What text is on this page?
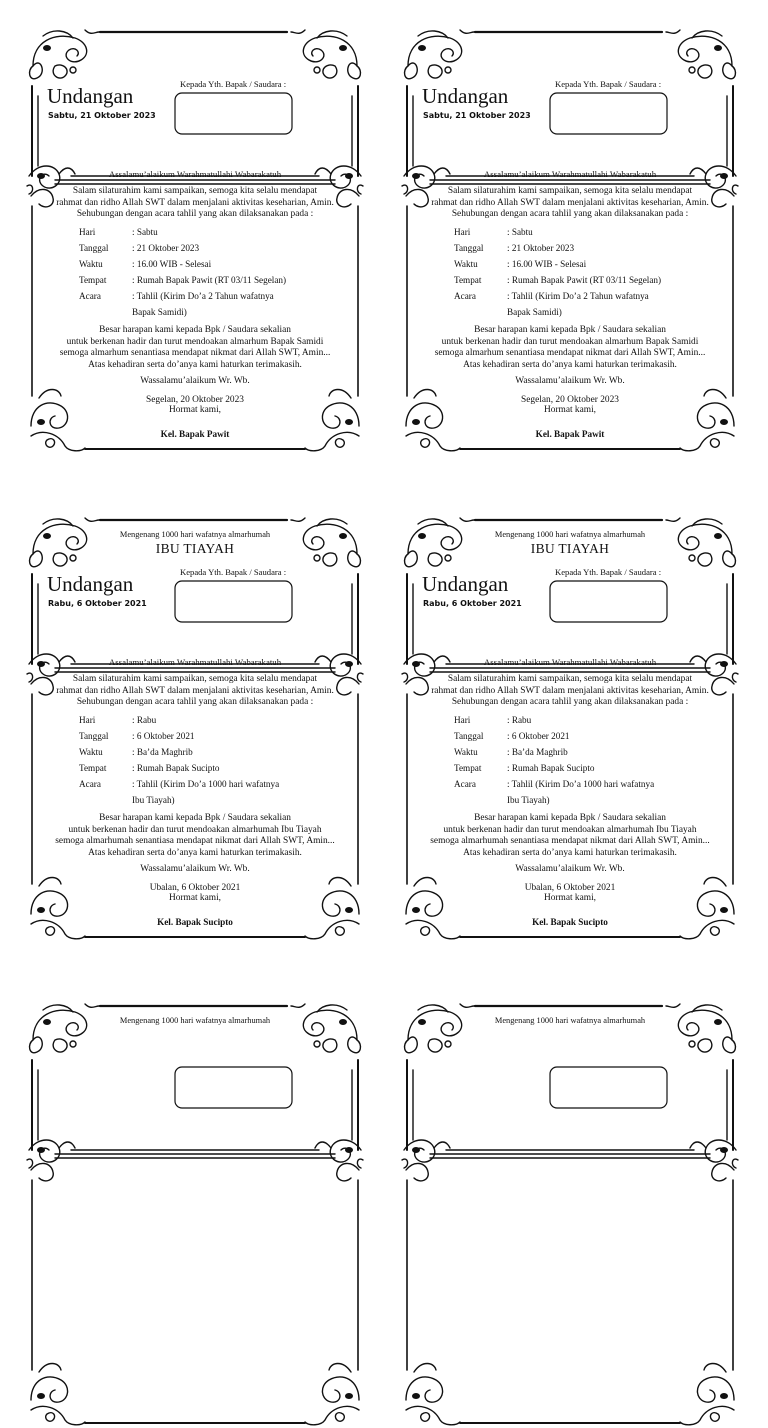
Undangan
Sabtu, 21 Oktober 2023
Kepada Yth. Bapak / Saudara :
Assalamu’alaikum Warahmatullahi Wabarakatuh
Salam silaturahim kami sampaikan, semoga kita selalu mendapat
rahmat dan ridho Allah SWT dalam menjalani aktivitas keseharian, Amin.
Sehubungan dengan acara tahlil yang akan dilaksanakan pada :
Hari	: Sabtu
Tanggal	: 21 Oktober 2023
Waktu	: 16.00 WIB - Selesai
Tempat	: Rumah Bapak Pawit (RT 03/11 Segelan)
Acara	: Tahlil (Kirim Do’a 2 Tahun wafatnya
Bapak Samidi)
Besar harapan kami kepada Bpk / Saudara sekalian
untuk berkenan hadir dan turut mendoakan almarhum Bapak Samidi
semoga almarhum senantiasa mendapat nikmat dari Allah SWT, Amin...
Atas kehadiran serta do’anya kami haturkan terimakasih.
Wassalamu’alaikum Wr. Wb.
Segelan, 20 Oktober 2023
Hormat kami,
Kel. Bapak Pawit
Undangan
Sabtu, 21 Oktober 2023
Kepada Yth. Bapak / Saudara :
Assalamu’alaikum Warahmatullahi Wabarakatuh
Salam silaturahim kami sampaikan, semoga kita selalu mendapat
rahmat dan ridho Allah SWT dalam menjalani aktivitas keseharian, Amin.
Sehubungan dengan acara tahlil yang akan dilaksanakan pada :
Hari	: Sabtu
Tanggal	: 21 Oktober 2023
Waktu	: 16.00 WIB - Selesai
Tempat	: Rumah Bapak Pawit (RT 03/11 Segelan)
Acara	: Tahlil (Kirim Do’a 2 Tahun wafatnya
Bapak Samidi)
Besar harapan kami kepada Bpk / Saudara sekalian
untuk berkenan hadir dan turut mendoakan almarhum Bapak Samidi
semoga almarhum senantiasa mendapat nikmat dari Allah SWT, Amin...
Atas kehadiran serta do’anya kami haturkan terimakasih.
Wassalamu’alaikum Wr. Wb.
Segelan, 20 Oktober 2023
Hormat kami,
Kel. Bapak Pawit
Mengenang 1000 hari wafatnya almarhumah
IBU TIAYAH
Undangan
Rabu, 6 Oktober 2021
Kepada Yth. Bapak / Saudara :
Assalamu’alaikum Warahmatullahi Wabarakatuh
Salam silaturahim kami sampaikan, semoga kita selalu mendapat
rahmat dan ridho Allah SWT dalam menjalani aktivitas keseharian, Amin.
Sehubungan dengan acara tahlil yang akan dilaksanakan pada :
Hari	: Rabu
Tanggal	: 6 Oktober 2021
Waktu	: Ba’da Maghrib
Tempat	: Rumah Bapak Sucipto
Acara	: Tahlil (Kirim Do’a 1000 hari wafatnya
Ibu Tiayah)
Besar harapan kami kepada Bpk / Saudara sekalian
untuk berkenan hadir dan turut mendoakan almarhumah Ibu Tiayah
semoga almarhumah senantiasa mendapat nikmat dari Allah SWT, Amin...
Atas kehadiran serta do’anya kami haturkan terimakasih.
Wassalamu’alaikum Wr. Wb.
Ubalan, 6 Oktober 2021
Hormat kami,
Kel. Bapak Sucipto
Mengenang 1000 hari wafatnya almarhumah
IBU TIAYAH
Undangan
Rabu, 6 Oktober 2021
Kepada Yth. Bapak / Saudara :
Assalamu’alaikum Warahmatullahi Wabarakatuh
Salam silaturahim kami sampaikan, semoga kita selalu mendapat
rahmat dan ridho Allah SWT dalam menjalani aktivitas keseharian, Amin.
Sehubungan dengan acara tahlil yang akan dilaksanakan pada :
Hari	: Rabu
Tanggal	: 6 Oktober 2021
Waktu	: Ba’da Maghrib
Tempat	: Rumah Bapak Sucipto
Acara	: Tahlil (Kirim Do’a 1000 hari wafatnya
Ibu Tiayah)
Besar harapan kami kepada Bpk / Saudara sekalian
untuk berkenan hadir dan turut mendoakan almarhumah Ibu Tiayah
semoga almarhumah senantiasa mendapat nikmat dari Allah SWT, Amin...
Atas kehadiran serta do’anya kami haturkan terimakasih.
Wassalamu’alaikum Wr. Wb.
Ubalan, 6 Oktober 2021
Hormat kami,
Kel. Bapak Sucipto
Mengenang 1000 hari wafatnya almarhumah	Mengenang 1000 hari wafatnya almarhumah
